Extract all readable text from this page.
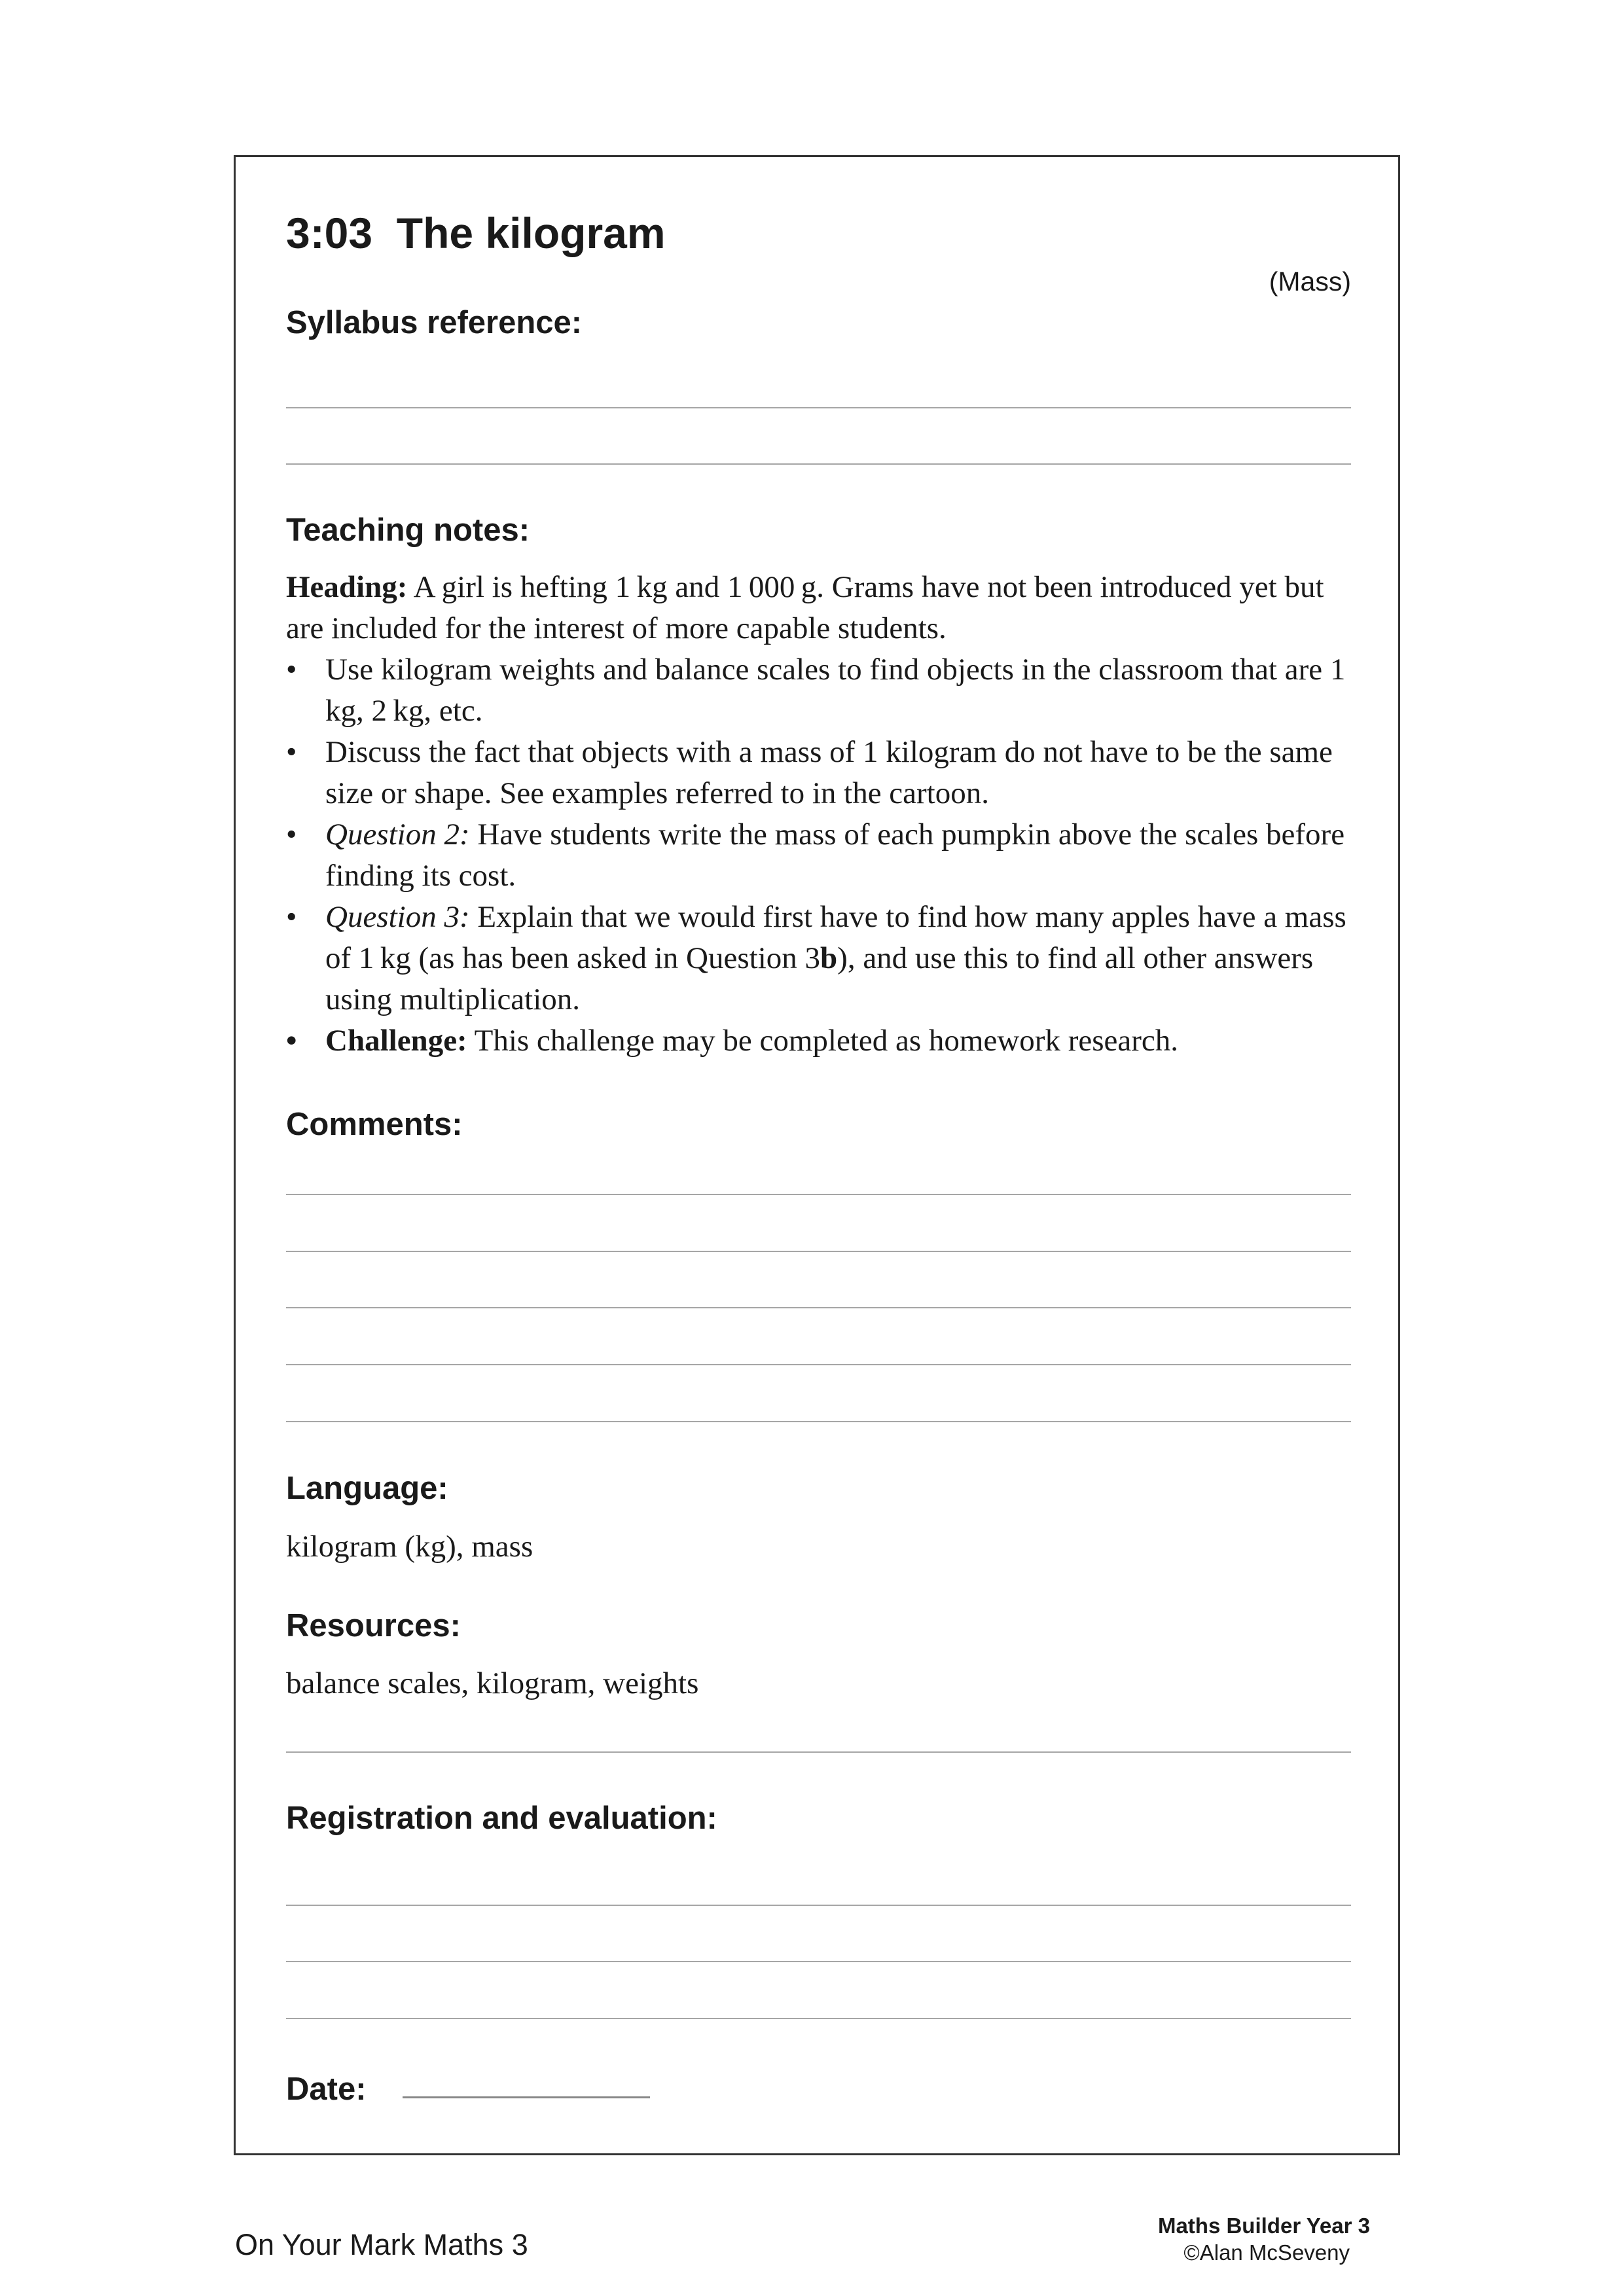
3:03  The kilogram
(Mass)
Syllabus reference:
Teaching notes:

Heading: A girl is hefting 1 kg and 1 000 g. Grams have not been introduced yet but are included for the interest of more capable students.

• Use kilogram weights and balance scales to find objects in the classroom that are 1 kg, 2 kg, etc.
• Discuss the fact that objects with a mass of 1 kilogram do not have to be the same size or shape. See examples referred to in the cartoon.
• Question 2: Have students write the mass of each pumpkin above the scales before finding its cost.
• Question 3: Explain that we would first have to find how many apples have a mass of 1 kg (as has been asked in Question 3b), and use this to find all other answers using multiplication.
• Challenge: This challenge may be completed as homework research.
Comments:
Language:
kilogram (kg), mass
Resources:
balance scales, kilogram, weights
Registration and evaluation:
Date:
On Your Mark Maths 3
Maths Builder Year 3
©Alan McSeveny
